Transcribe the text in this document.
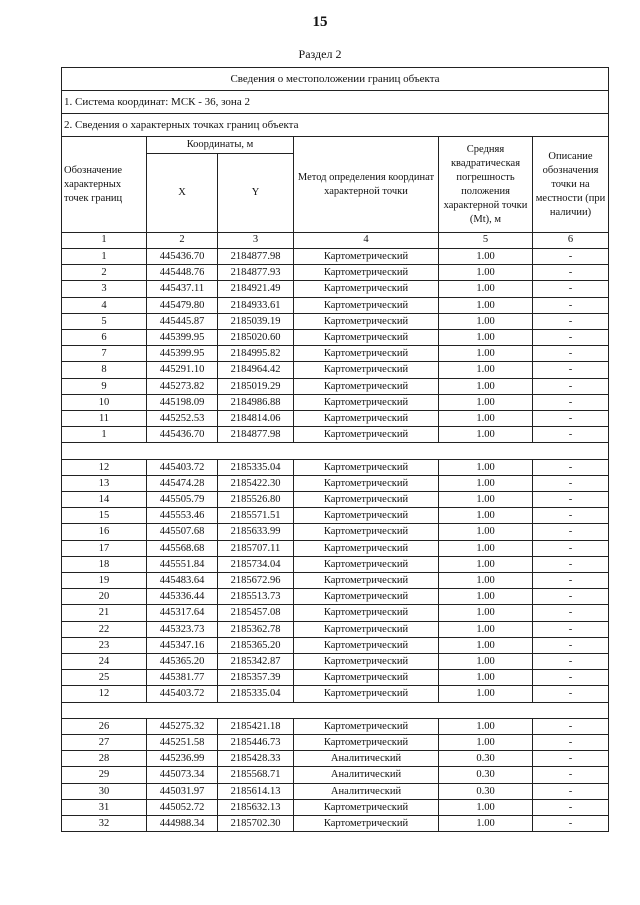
15
Раздел 2
Сведения о местоположении границ объекта					
1. Система координат: МСК - 36, зона 2					
2. Сведения о характерных точках границ объекта					
Обозначение характерных точек границ	Координаты, м		Метод определения координат характерной точки	Средняя квадратическая погрешность положения характерной точки (Mt), м	Описание обозначения точки на местности (при наличии)
	X	Y			
1	2	3	4	5	6
1	445436.70	2184877.98	Картометрический	1.00	-
2	445448.76	2184877.93	Картометрический	1.00	-
3	445437.11	2184921.49	Картометрический	1.00	-
4	445479.80	2184933.61	Картометрический	1.00	-
5	445445.87	2185039.19	Картометрический	1.00	-
6	445399.95	2185020.60	Картометрический	1.00	-
7	445399.95	2184995.82	Картометрический	1.00	-
8	445291.10	2184964.42	Картометрический	1.00	-
9	445273.82	2185019.29	Картометрический	1.00	-
10	445198.09	2184986.88	Картометрический	1.00	-
11	445252.53	2184814.06	Картометрический	1.00	-
1	445436.70	2184877.98	Картометрический	1.00	-

12	445403.72	2185335.04	Картометрический	1.00	-
13	445474.28	2185422.30	Картометрический	1.00	-
14	445505.79	2185526.80	Картометрический	1.00	-
15	445553.46	2185571.51	Картометрический	1.00	-
16	445507.68	2185633.99	Картометрический	1.00	-
17	445568.68	2185707.11	Картометрический	1.00	-
18	445551.84	2185734.04	Картометрический	1.00	-
19	445483.64	2185672.96	Картометрический	1.00	-
20	445336.44	2185513.73	Картометрический	1.00	-
21	445317.64	2185457.08	Картометрический	1.00	-
22	445323.73	2185362.78	Картометрический	1.00	-
23	445347.16	2185365.20	Картометрический	1.00	-
24	445365.20	2185342.87	Картометрический	1.00	-
25	445381.77	2185357.39	Картометрический	1.00	-
12	445403.72	2185335.04	Картометрический	1.00	-

26	445275.32	2185421.18	Картометрический	1.00	-
27	445251.58	2185446.73	Картометрический	1.00	-
28	445236.99	2185428.33	Аналитический	0.30	-
29	445073.34	2185568.71	Аналитический	0.30	-
30	445031.97	2185614.13	Аналитический	0.30	-
31	445052.72	2185632.13	Картометрический	1.00	-
32	444988.34	2185702.30	Картометрический	1.00	-
